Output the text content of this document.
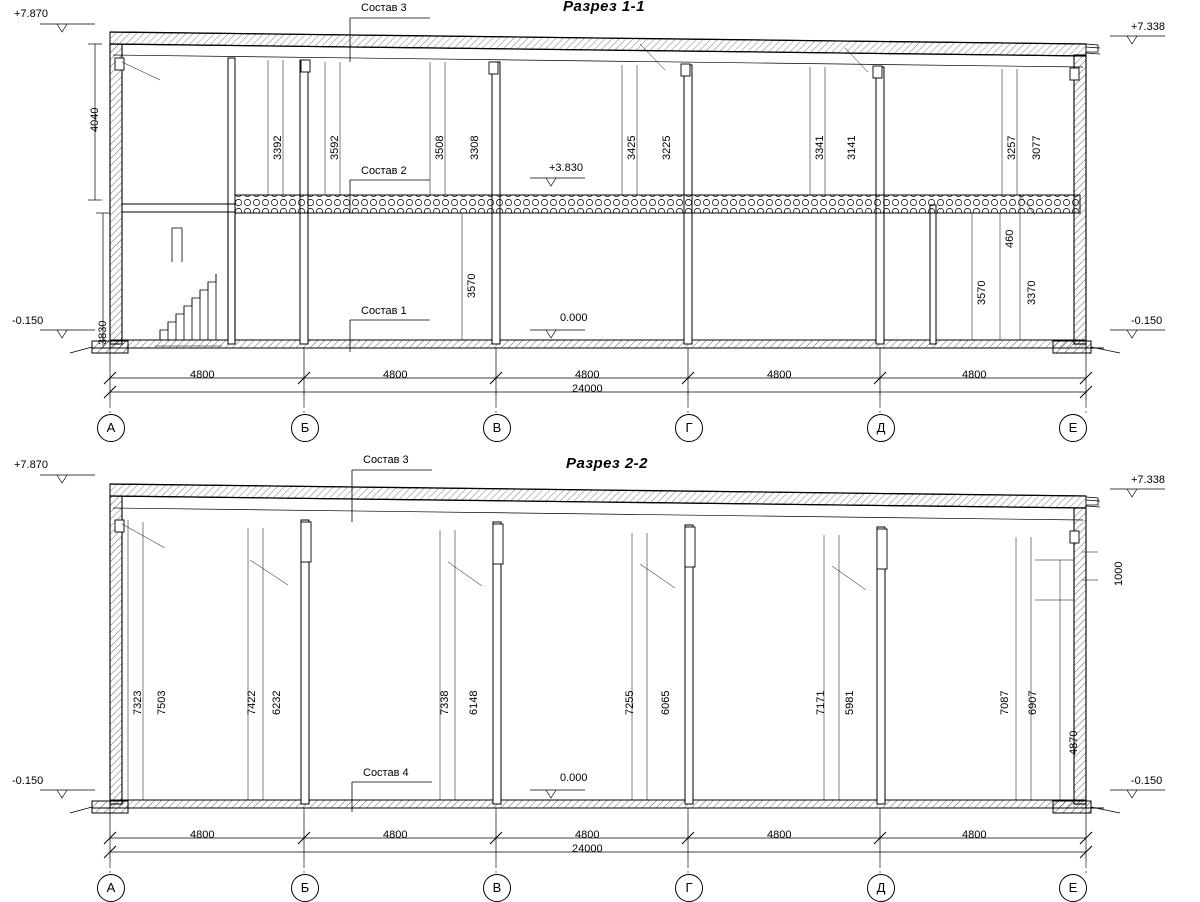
Разрез 1-1
+7.870
+7.338
-0.150	-0.150
0.000
+3.830
Состав 3
Состав 2
Состав 1
4040
3830
3392	3592	3508 3308	3425 3225	3341 3141	3257 3077
3570	3570
460
3370
4800	4800	4800	4800	4800
24000
А	Б	В	Г	Д	Е
Разрез 2-2
+7.870
+7.338
-0.150	-0.150
0.000
Состав 3
Состав 4
7323 7503	7422 6232	7338 6148	7255 6065	7171 5981	7087 6907
1000
4870
4800	4800	4800	4800	4800
24000
А	Б	В	Г	Д	Е
